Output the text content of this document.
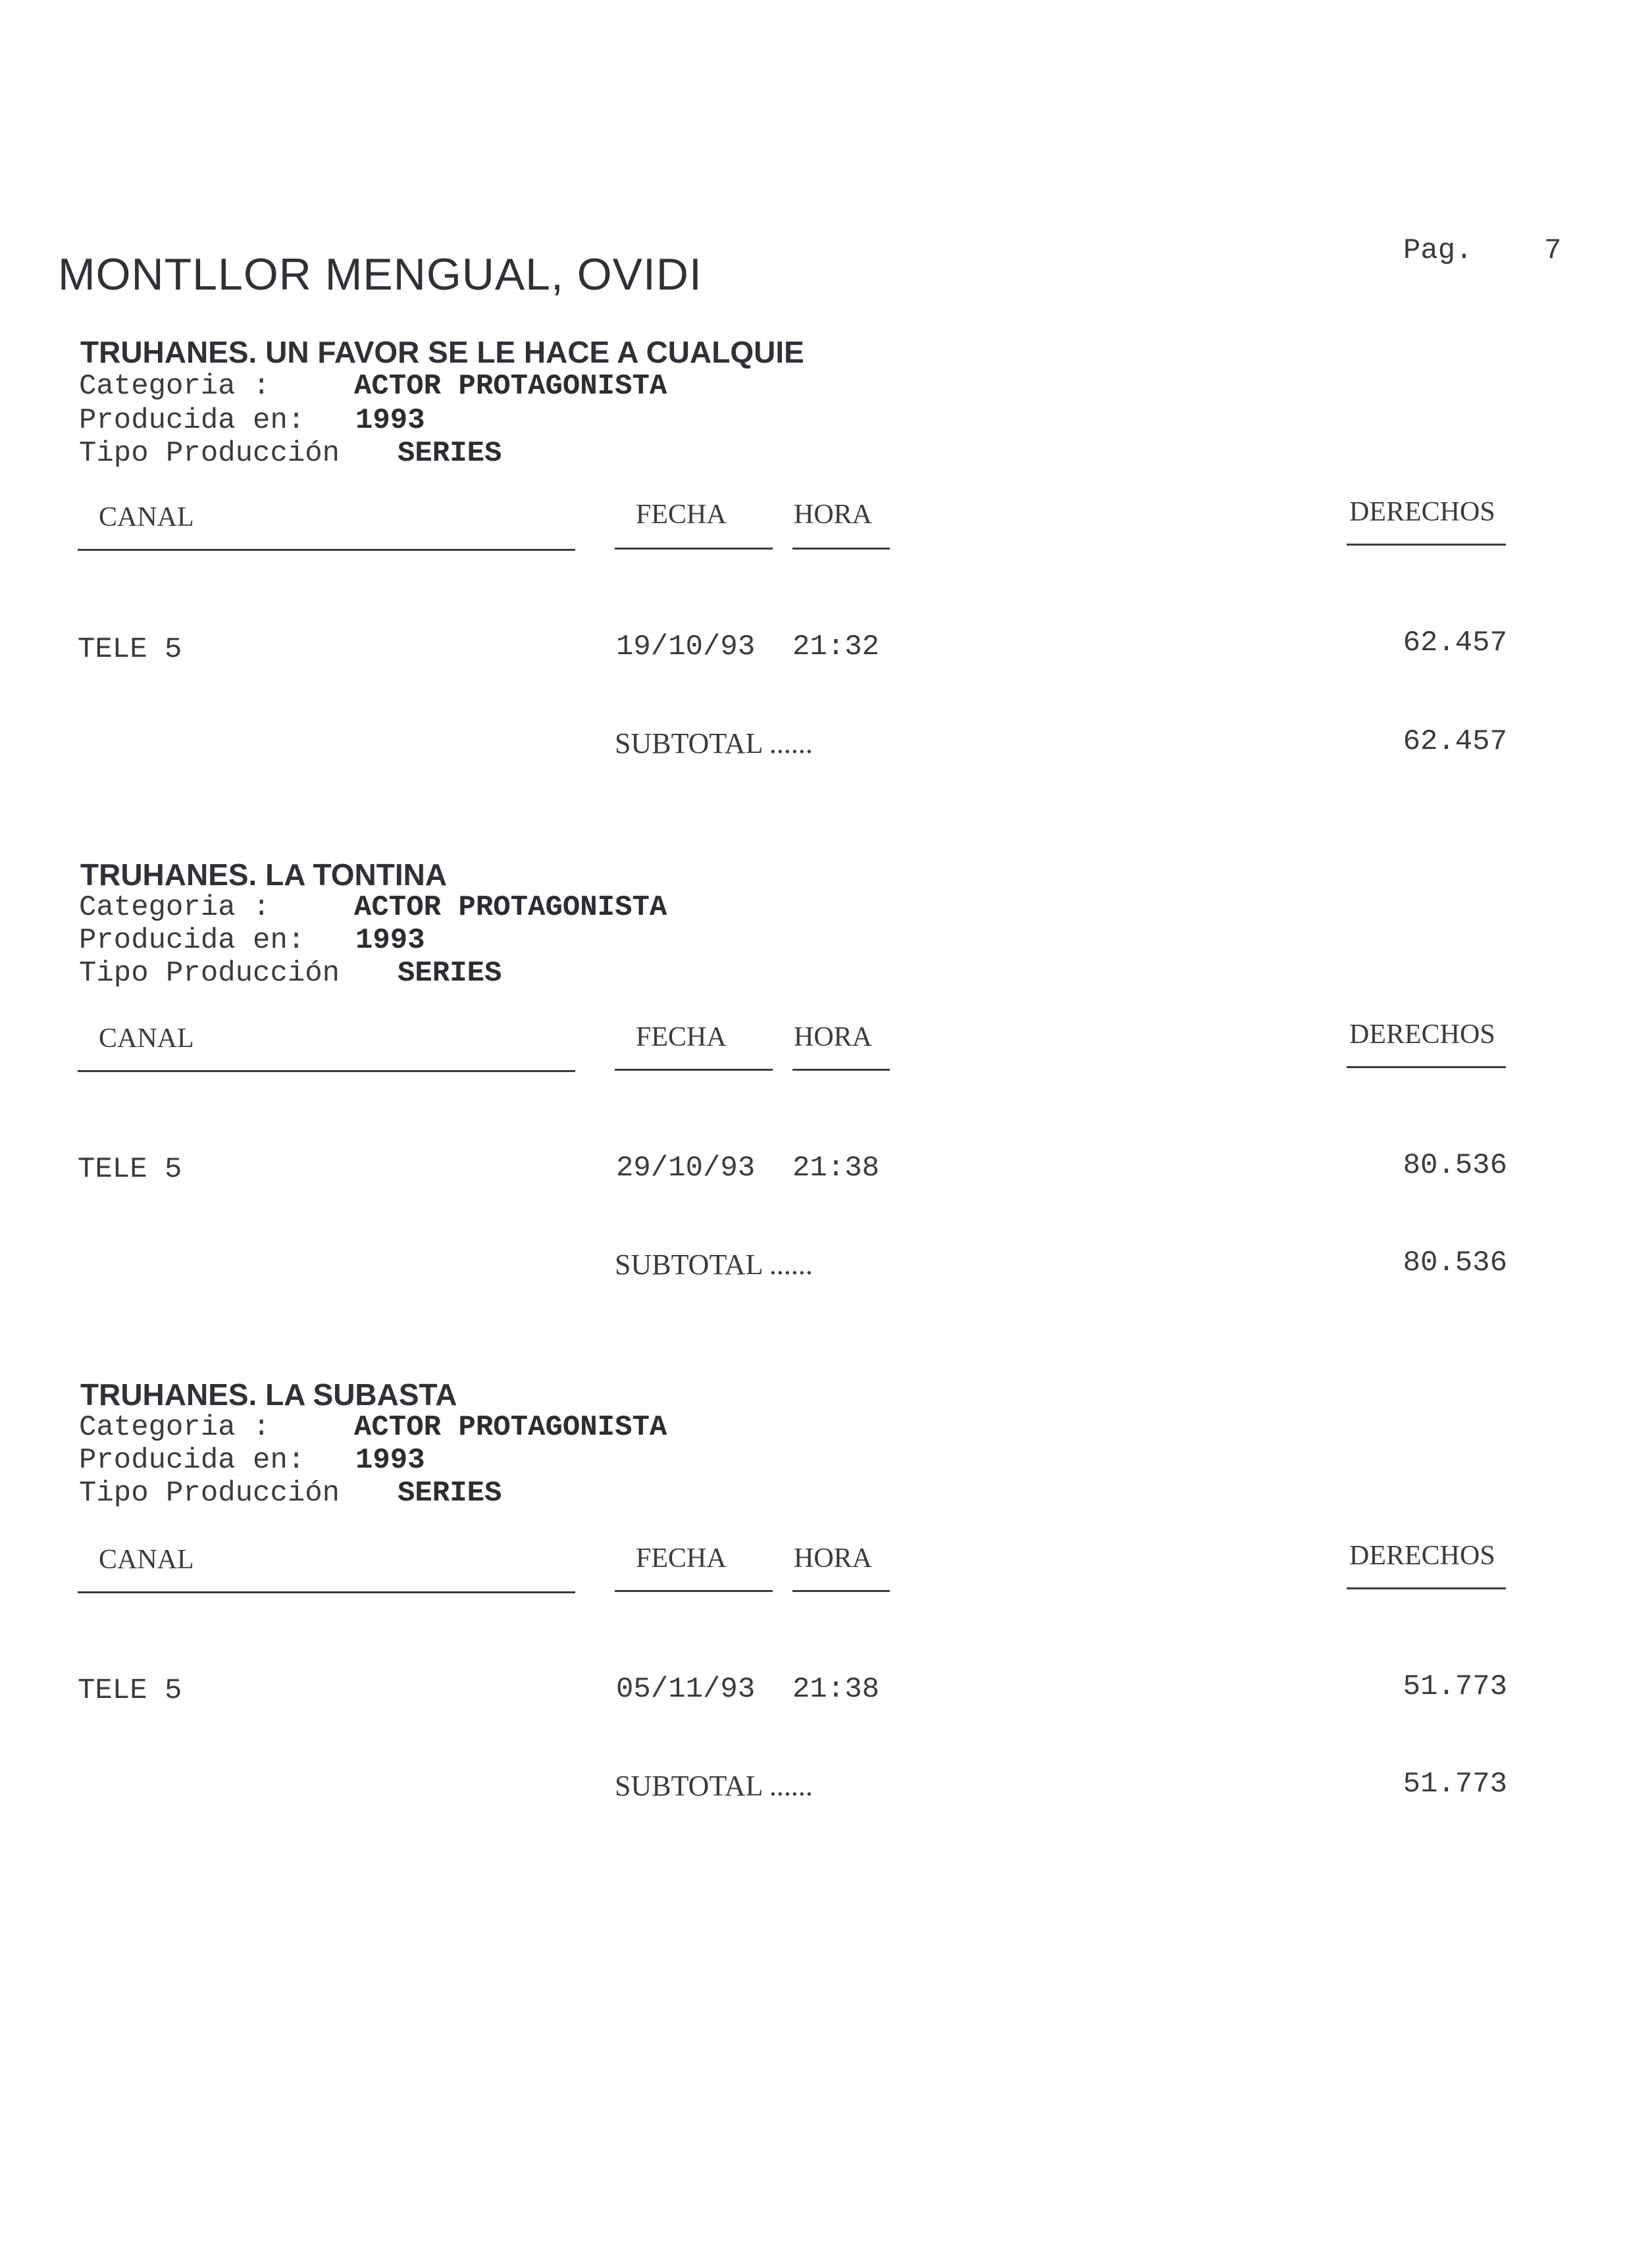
MONTLLOR MENGUAL, OVIDI	Pag. 7
TRUHANES. UN FAVOR SE LE HACE A CUALQUIE
Categoria :	ACTOR PROTAGONISTA
Producida en: 1993
Tipo Producción SERIES
CANAL	FECHA HORA	DERECHOS
TELE 5	19/10/93 21:32	62.457
SUBTOTAL ......	62.457
TRUHANES. LA TONTINA
Categoria :	ACTOR PROTAGONISTA
Producida en: 1993
Tipo Producción SERIES
CANAL	FECHA HORA	DERECHOS
TELE 5	29/10/93 21:38	80.536
SUBTOTAL ......	80.536
TRUHANES. LA SUBASTA
Categoria :	ACTOR PROTAGONISTA
Producida en: 1993
Tipo Producción SERIES
CANAL	FECHA HORA	DERECHOS
TELE 5	05/11/93 21:38	51.773
SUBTOTAL ......	51.773
